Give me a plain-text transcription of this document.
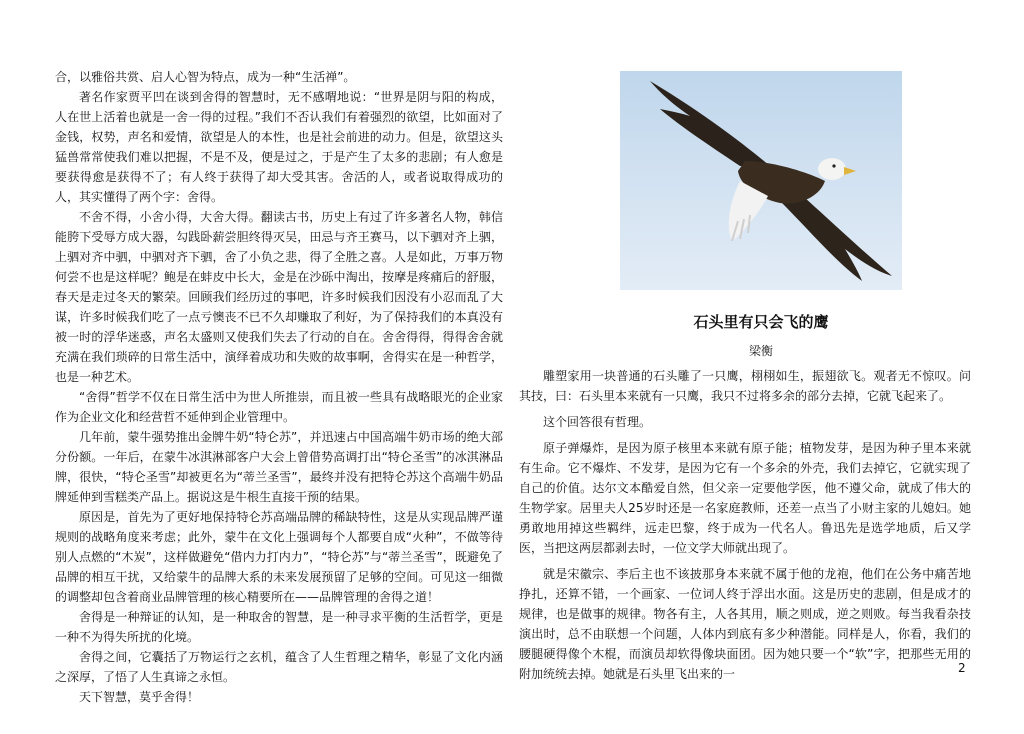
合，以雅俗共赏、启人心智为特点，成为一种“生活禅”。

著名作家贾平凹在谈到舍得的智慧时，无不感喟地说：“世界是阴与阳的构成，人在世上活着也就是一舍一得的过程。”我们不否认我们有着强烈的欲望，比如面对了金钱，权势，声名和爱情，欲望是人的本性，也是社会前进的动力。但是，欲望这头猛兽常常使我们难以把握，不是不及，便是过之，于是产生了太多的悲剧；有人愈是要获得愈是获得不了；有人终于获得了却大受其害。舍活的人，或者说取得成功的人，其实懂得了两个字：舍得。

不舍不得，小舍小得，大舍大得。翻读古书，历史上有过了许多著名人物，韩信能胯下受辱方成大器，勾践卧薪尝胆终得灭吴，田忌与齐王赛马，以下驷对齐上驷，上驷对齐中驷，中驷对齐下驷，舍了小负之悲，得了全胜之喜。人是如此，万事万物何尝不也是这样呢？鲍是在蚌皮中长大，金是在沙砾中淘出，按摩是疼痛后的舒服，春天是走过冬天的繁荣。回顾我们经历过的事吧，许多时候我们因没有小忍而乱了大谋，许多时候我们吃了一点亏懊丧不已不久却赚取了利好，为了保持我们的本真没有被一时的浮华迷惑，声名太盛则又使我们失去了行动的自在。舍舍得得，得得舍舍就充满在我们琐碎的日常生活中，演绎着成功和失败的故事啊，舍得实在是一种哲学，也是一种艺术。

“舍得”哲学不仅在日常生活中为世人所推崇，而且被一些具有战略眼光的企业家作为企业文化和经营哲不延伸到企业管理中。

几年前，蒙牛强势推出金牌牛奶“特仑苏”，并迅速占中国高端牛奶市场的绝大部分份额。一年后，在蒙牛冰淇淋部客户大会上曾借势高调打出“特仑圣雪”的冰淇淋品牌，很快，“特仑圣雪”却被更名为“蒂兰圣雪”，最终并没有把特仑苏这个高端牛奶品牌延伸到雪糕类产品上。据说这是牛根生直接干预的结果。

原因是，首先为了更好地保持特仑苏高端品牌的稀缺特性，这是从实现品牌严谨规则的战略角度来考虑；此外，蒙牛在文化上强调每个人都要自成“火种”，不做等待别人点燃的“木炭”，这样做避免“借内力打内力”，“特仑苏”与“蒂兰圣雪”，既避免了品牌的相互干扰，又给蒙牛的品牌大系的未来发展预留了足够的空间。可见这一细微的调整却包含着商业品牌管理的核心精要所在——品牌管理的舍得之道！

舍得是一种辩证的认知，是一种取舍的智慧，是一种寻求平衡的生活哲学，更是一种不为得失所扰的化境。

舍得之间，它囊括了万物运行之玄机，蕴含了人生哲理之精华，彰显了文化内涵之深厚，了悟了人生真谛之永恒。

天下智慧，莫乎舍得！

石头里有只会飞的鹰

梁衡

雕塑家用一块普通的石头雕了一只鹰，栩栩如生，振翅欲飞。观者无不惊叹。问其技，曰：石头里本来就有一只鹰，我只不过将多余的部分去掉，它就飞起来了。

这个回答很有哲理。

原子弹爆炸，是因为原子核里本来就有原子能；植物发芽，是因为种子里本来就有生命。它不爆炸、不发芽，是因为它有一个多余的外壳，我们去掉它，它就实现了自己的价值。达尔文本酷爱自然，但父亲一定要他学医，他不遵父命，就成了伟大的生物学家。居里夫人25岁时还是一名家庭教师，还差一点当了小财主家的儿媳妇。她勇敢地用掉这些羁绊，远走巴黎，终于成为一代名人。鲁迅先是选学地质，后又学医，当把这两层都剥去时，一位文学大师就出现了。

就是宋徽宗、李后主也不该披那身本来就不属于他的龙袍，他们在公务中痛苦地挣扎，还算不错，一个画家、一位词人终于浮出水面。这是历史的悲剧，但是成才的规律，也是做事的规律。物各有主，人各其用，顺之则成，逆之则败。每当我看杂技演出时，总不由联想一个问题，人体内到底有多少种潜能。同样是人，你看，我们的腰腿硬得像个木棍，而演员却软得像块面团。因为她只要一个“软”字，把那些无用的附加统统去掉。她就是石头里飞出来的一	2
